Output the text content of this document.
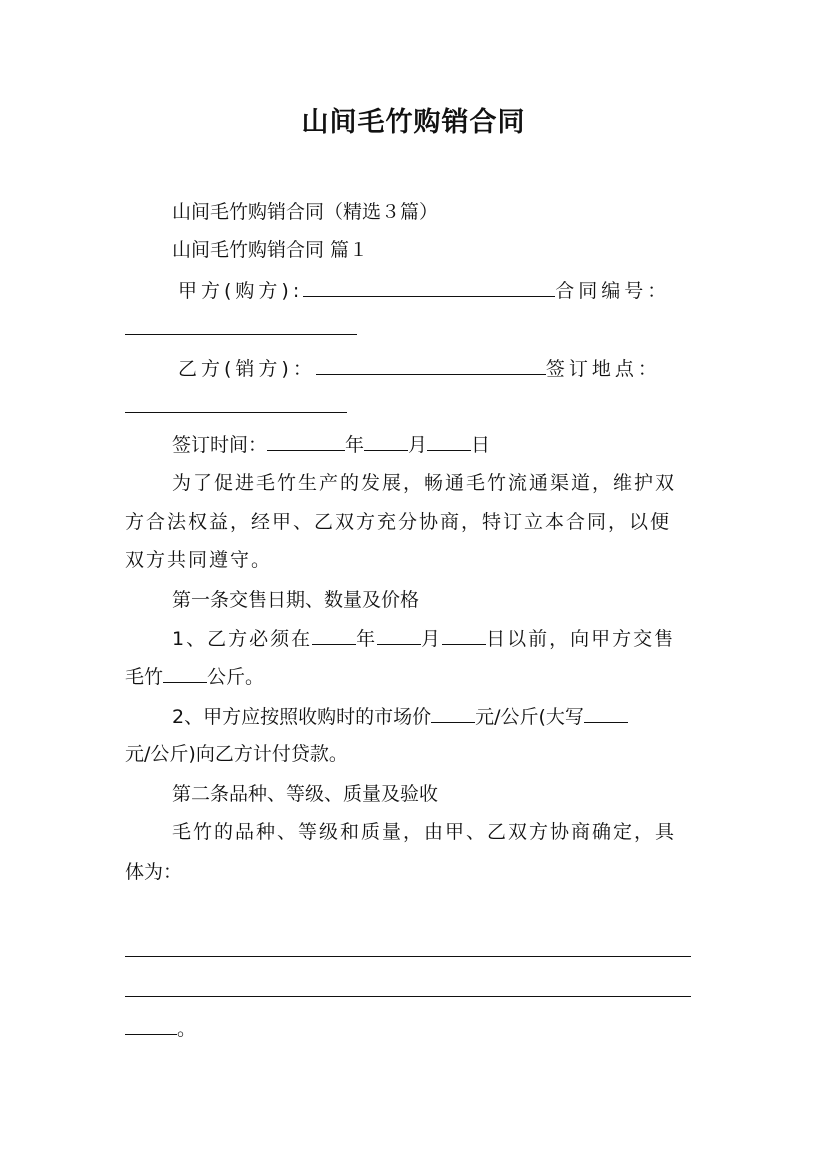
山间毛竹购销合同
山间毛竹购销合同（精选３篇）
山间毛竹购销合同 篇１
甲方(购方):	合同编号：
乙方(销方)：	签订地点：
签订时间：	年 月 日
为了促进毛竹生产的发展，畅通毛竹流通渠道，维护双
方合法权益，经甲、乙双方充分协商，特订立本合同，以便
双方共同遵守。
第一条交售日期、数量及价格
1、乙方必须在 年 月 日以前，向甲方交售
毛竹 公斤。
2、甲方应按照收购时的市场价 元/公斤(大写
元/公斤)向乙方计付贷款。
第二条品种、等级、质量及验收
毛竹的品种、等级和质量，由甲、乙双方协商确定，具
体为：
。
